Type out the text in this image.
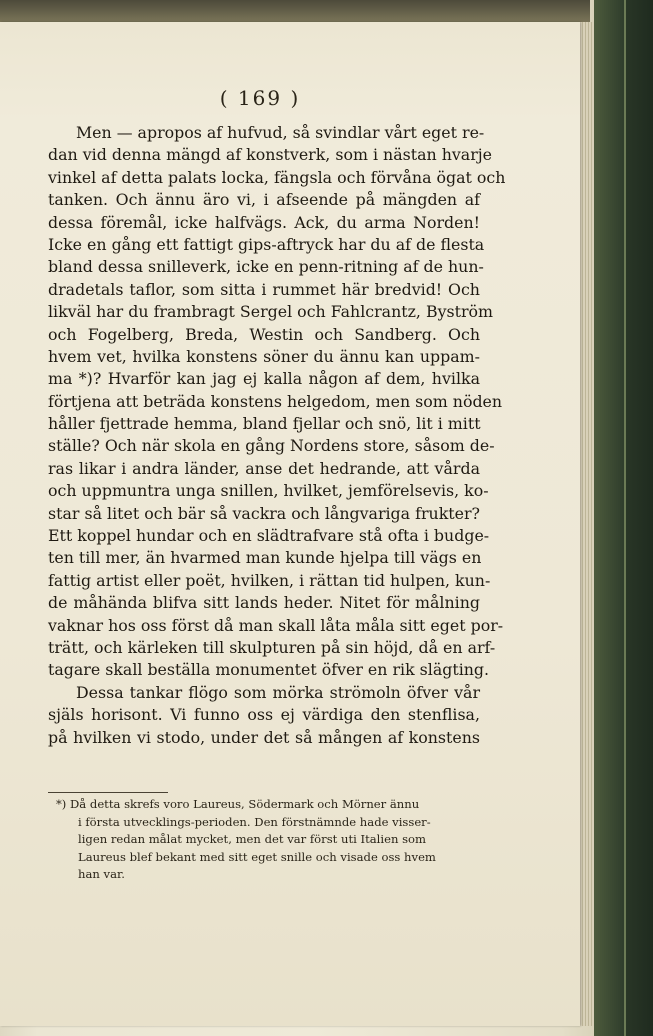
( 169 )
Men — apropos af hufvud, så svindlar vårt eget re-
dan vid denna mängd af konstverk, som i nästan hvarje
vinkel af detta palats locka, fängsla och förvåna ögat och
tanken. Och ännu äro vi, i afseende på mängden af
dessa föremål, icke halfvägs. Ack, du arma Norden!
Icke en gång ett fattigt gips-aftryck har du af de flesta
bland dessa snilleverk, icke en penn-ritning af de hun-
dradetals taflor, som sitta i rummet här bredvid! Och
likväl har du frambragt Sergel och Fahlcrantz, Byström
och Fogelberg, Breda, Westin och Sandberg. Och
hvem vet, hvilka konstens söner du ännu kan uppam-
ma *)? Hvarför kan jag ej kalla någon af dem, hvilka
förtjena att beträda konstens helgedom, men som nöden
håller fjettrade hemma, bland fjellar och snö, lit i mitt
ställe? Och när skola en gång Nordens store, såsom de-
ras likar i andra länder, anse det hedrande, att vårda
och uppmuntra unga snillen, hvilket, jemförelsevis, ko-
star så litet och bär så vackra och långvariga frukter?
Ett koppel hundar och en slädtrafvare stå ofta i budge-
ten till mer, än hvarmed man kunde hjelpa till vägs en
fattig artist eller poët, hvilken, i rättan tid hulpen, kun-
de måhända blifva sitt lands heder. Nitet för målning
vaknar hos oss först då man skall låta måla sitt eget por-
trätt, och kärleken till skulpturen på sin höjd, då en arf-
tagare skall beställa monumentet öfver en rik slägting.
Dessa tankar flögo som mörka strömoln öfver vår
själs horisont. Vi funno oss ej värdiga den stenflisa,
på hvilken vi stodo, under det så mången af konstens
*) Då detta skrefs voro Laureus, Södermark och Mörner ännu
i första utvecklings-perioden. Den förstnämnde hade visser-
ligen redan målat mycket, men det var först uti Italien som
Laureus blef bekant med sitt eget snille och visade oss hvem
han var.
